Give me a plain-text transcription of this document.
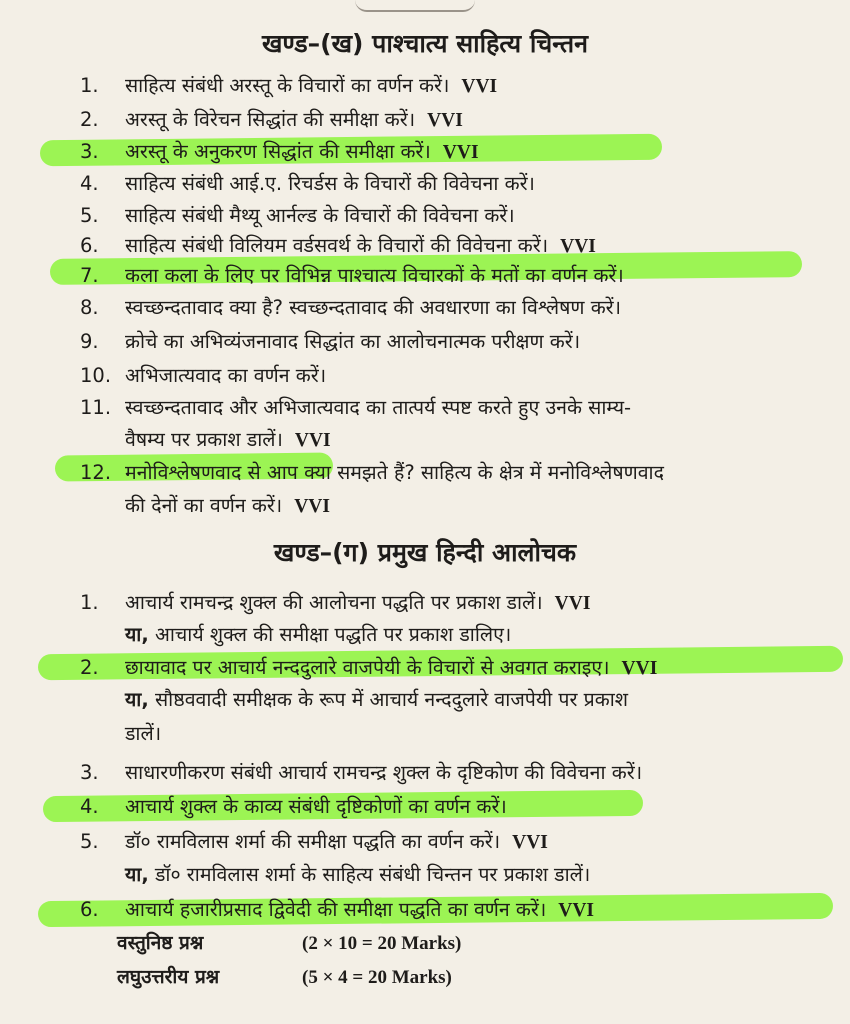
खण्ड–(ख) पाश्चात्य साहित्य चिन्तन
1.	साहित्य संबंधी अरस्तू के विचारों का वर्णन करें। VVI
2.	अरस्तू के विरेचन सिद्धांत की समीक्षा करें। VVI
3.	अरस्तू के अनुकरण सिद्धांत की समीक्षा करें। VVI
4.	साहित्य संबंधी आई.ए. रिचर्डस के विचारों की विवेचना करें।
5.	साहित्य संबंधी मैथ्यू आर्नल्ड के विचारों की विवेचना करें।
6.	साहित्य संबंधी विलियम वर्डसवर्थ के विचारों की विवेचना करें। VVI
7.	कला कला के लिए पर विभिन्न पाश्चात्य विचारकों के मतों का वर्णन करें।
8.	स्वच्छन्दतावाद क्या है? स्वच्छन्दतावाद की अवधारणा का विश्लेषण करें।
9.	क्रोचे का अभिव्यंजनावाद सिद्धांत का आलोचनात्मक परीक्षण करें।
10. अभिजात्यवाद का वर्णन करें।
11. स्वच्छन्दतावाद और अभिजात्यवाद का तात्पर्य स्पष्ट करते हुए उनके साम्य-
वैषम्य पर प्रकाश डालें। VVI
12. मनोविश्लेषणवाद से आप क्या समझते हैं? साहित्य के क्षेत्र में मनोविश्लेषणवाद
की देनों का वर्णन करें। VVI
खण्ड–(ग) प्रमुख हिन्दी आलोचक
1.	आचार्य रामचन्द्र शुक्ल की आलोचना पद्धति पर प्रकाश डालें। VVI
या, आचार्य शुक्ल की समीक्षा पद्धति पर प्रकाश डालिए।
2.	छायावाद पर आचार्य नन्ददुलारे वाजपेयी के विचारों से अवगत कराइए। VVI
या, सौष्ठववादी समीक्षक के रूप में आचार्य नन्ददुलारे वाजपेयी पर प्रकाश
डालें।
3.	साधारणीकरण संबंधी आचार्य रामचन्द्र शुक्ल के दृष्टिकोण की विवेचना करें।
4.	आचार्य शुक्ल के काव्य संबंधी दृष्टिकोणों का वर्णन करें।
5.	डॉ० रामविलास शर्मा की समीक्षा पद्धति का वर्णन करें। VVI
या, डॉ० रामविलास शर्मा के साहित्य संबंधी चिन्तन पर प्रकाश डालें।
6.	आचार्य हजारीप्रसाद द्विवेदी की समीक्षा पद्धति का वर्णन करें। VVI
वस्तुनिष्ठ प्रश्न	(2 × 10 = 20 Marks)
लघुउत्तरीय प्रश्न	(5 × 4 = 20 Marks)
